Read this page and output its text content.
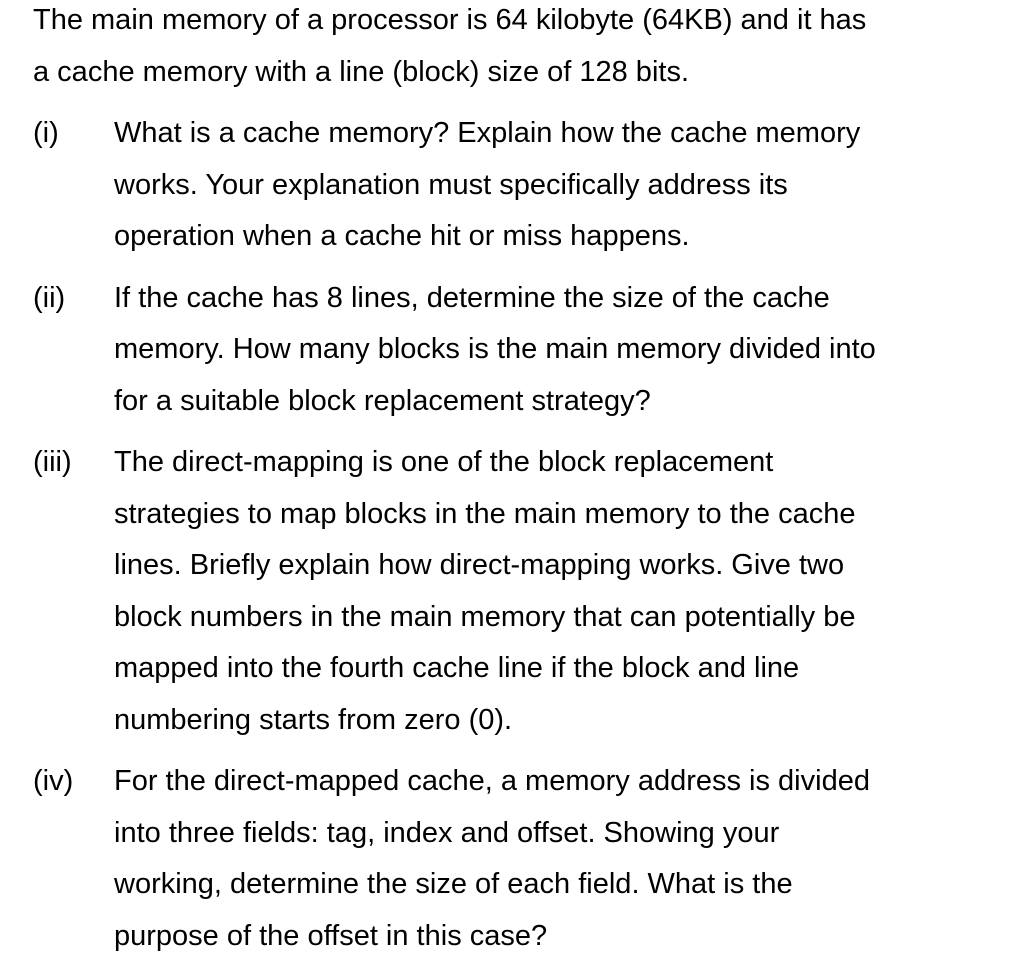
The main memory of a processor is 64 kilobyte (64KB) and it has
a cache memory with a line (block) size of 128 bits.

(i) What is a cache memory? Explain how the cache memory
works. Your explanation must specifically address its
operation when a cache hit or miss happens.
(ii) If the cache has 8 lines, determine the size of the cache
memory. How many blocks is the main memory divided into
for a suitable block replacement strategy?
(iii) The direct-mapping is one of the block replacement
strategies to map blocks in the main memory to the cache
lines. Briefly explain how direct-mapping works. Give two
block numbers in the main memory that can potentially be
mapped into the fourth cache line if the block and line
numbering starts from zero (0).
(iv) For the direct-mapped cache, a memory address is divided
into three fields: tag, index and offset. Showing your
working, determine the size of each field. What is the
purpose of the offset in this case?
